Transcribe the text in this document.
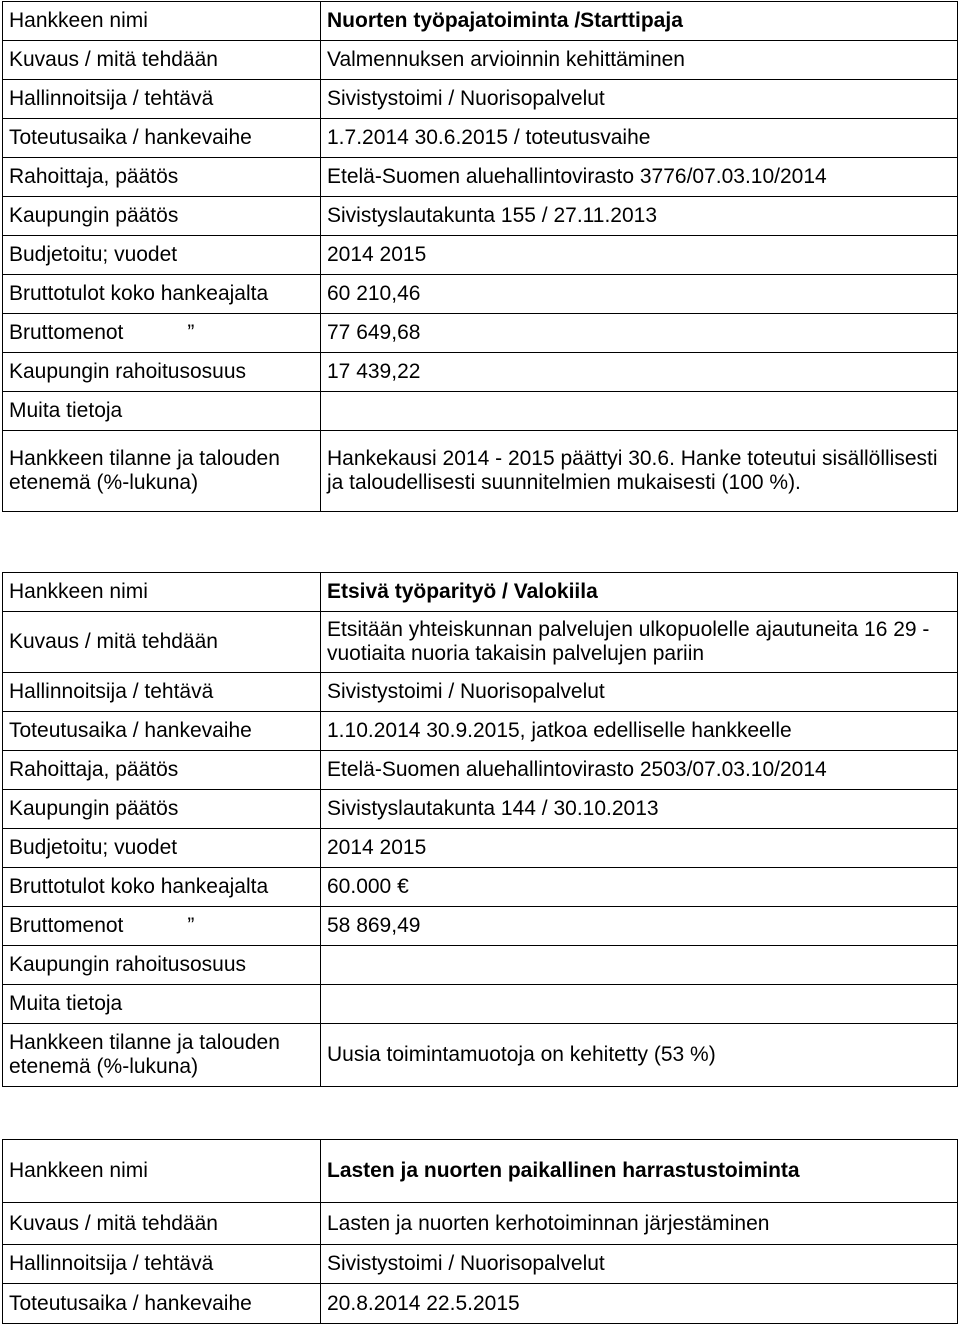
Hankkeen nimi	Nuorten työpajatoiminta /Starttipaja
Kuvaus / mitä tehdään	Valmennuksen arvioinnin kehittäminen
Hallinnoitsija / tehtävä	Sivistystoimi / Nuorisopalvelut
Toteutusaika / hankevaihe	1.7.2014 30.6.2015 / toteutusvaihe
Rahoittaja, päätös	Etelä-Suomen aluehallintovirasto 3776/07.03.10/2014
Kaupungin päätös	Sivistyslautakunta 155 / 27.11.2013
Budjetoitu; vuodet	2014 2015
Bruttotulot koko hankeajalta	60 210,46
Bruttomenot ”	77 649,68
Kaupungin rahoitusosuus	17 439,22
Muita tietoja	
Hankkeen tilanne ja talouden etenemä (%-lukuna)	Hankekausi 2014 - 2015 päättyi 30.6. Hanke toteutui sisällöllisesti ja taloudellisesti suunnitelmien mukaisesti (100 %).
Hankkeen nimi	Etsivä työparityö / Valokiila
Kuvaus / mitä tehdään	Etsitään yhteiskunnan palvelujen ulkopuolelle ajautuneita 16 29 -vuotiaita nuoria takaisin palvelujen pariin
Hallinnoitsija / tehtävä	Sivistystoimi / Nuorisopalvelut
Toteutusaika / hankevaihe	1.10.2014 30.9.2015, jatkoa edelliselle hankkeelle
Rahoittaja, päätös	Etelä-Suomen aluehallintovirasto 2503/07.03.10/2014
Kaupungin päätös	Sivistyslautakunta 144 / 30.10.2013
Budjetoitu; vuodet	2014 2015
Bruttotulot koko hankeajalta	60.000 €
Bruttomenot ”	58 869,49
Kaupungin rahoitusosuus	
Muita tietoja	
Hankkeen tilanne ja talouden etenemä (%-lukuna)	Uusia toimintamuotoja on kehitetty (53 %)
Hankkeen nimi	Lasten ja nuorten paikallinen harrastustoiminta
Kuvaus / mitä tehdään	Lasten ja nuorten kerhotoiminnan järjestäminen
Hallinnoitsija / tehtävä	Sivistystoimi / Nuorisopalvelut
Toteutusaika / hankevaihe	20.8.2014 22.5.2015
